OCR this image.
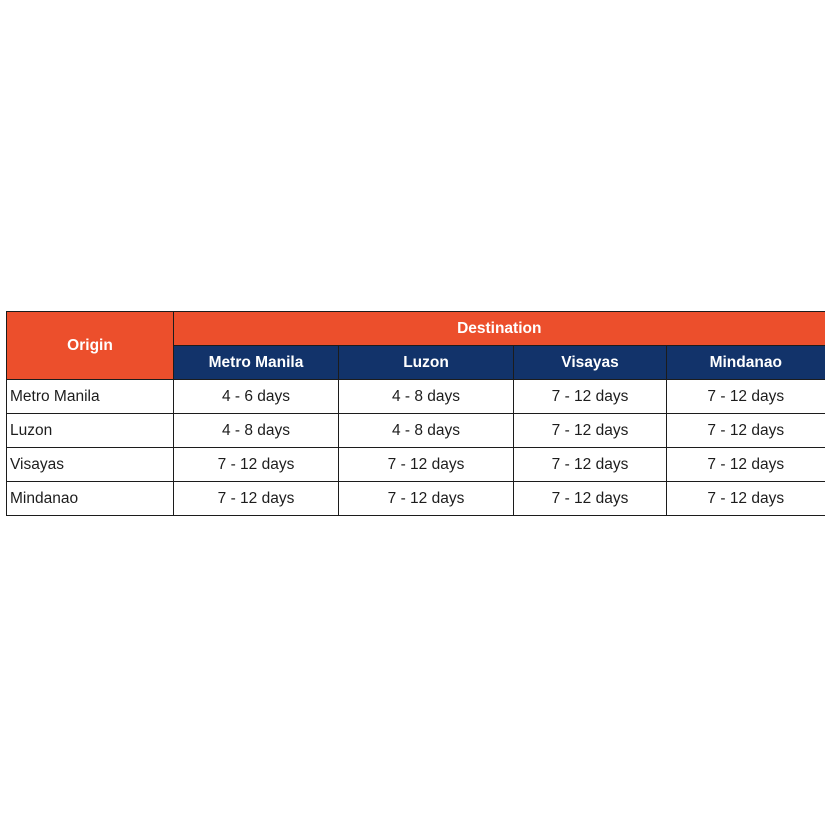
Origin	Destination			
	Metro Manila	Luzon	Visayas	Mindanao
Metro Manila	4 - 6 days	4 - 8 days	7 - 12 days	7 - 12 days
Luzon	4 - 8 days	4 - 8 days	7 - 12 days	7 - 12 days
Visayas	7 - 12 days	7 - 12 days	7 - 12 days	7 - 12 days
Mindanao	7 - 12 days	7 - 12 days	7 - 12 days	7 - 12 days
